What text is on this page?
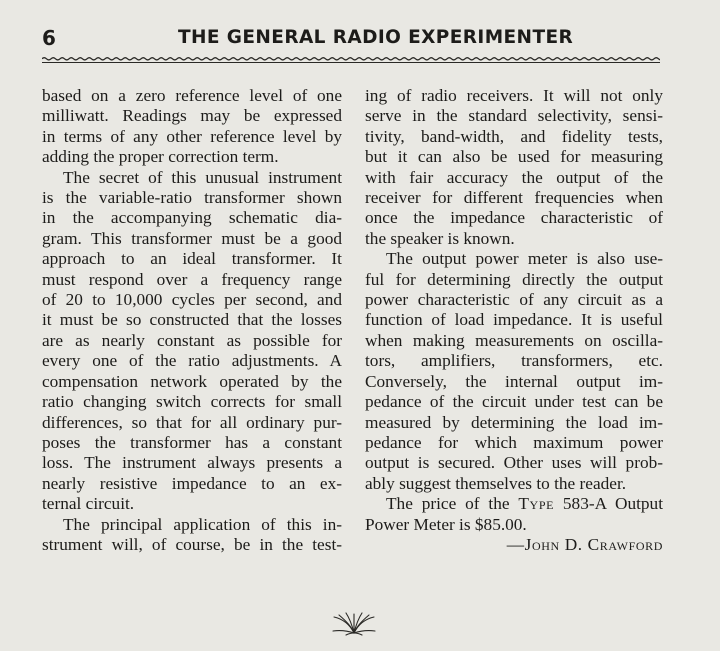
6	THE GENERAL RADIO EXPERIMENTER
based on a zero reference level of one
milliwatt. Readings may be expressed
in terms of any other reference level by
adding the proper correction term.
The secret of this unusual instrument
is the variable-ratio transformer shown
in the accompanying schematic dia-
gram. This transformer must be a good
approach to an ideal transformer. It
must respond over a frequency range
of 20 to 10,000 cycles per second, and
it must be so constructed that the losses
are as nearly constant as possible for
every one of the ratio adjustments. A
compensation network operated by the
ratio changing switch corrects for small
differences, so that for all ordinary pur-
poses the transformer has a constant
loss. The instrument always presents a
nearly resistive impedance to an ex-
ternal circuit.
The principal application of this in-
strument will, of course, be in the test-
ing of radio receivers. It will not only
serve in the standard selectivity, sensi-
tivity, band-width, and fidelity tests,
but it can also be used for measuring
with fair accuracy the output of the
receiver for different frequencies when
once the impedance characteristic of
the speaker is known.
The output power meter is also use-
ful for determining directly the output
power characteristic of any circuit as a
function of load impedance. It is useful
when making measurements on oscilla-
tors, amplifiers, transformers, etc.
Conversely, the internal output im-
pedance of the circuit under test can be
measured by determining the load im-
pedance for which maximum power
output is secured. Other uses will prob-
ably suggest themselves to the reader.
The price of the Type 583-A Output
Power Meter is $85.00.
—John D. Crawford
